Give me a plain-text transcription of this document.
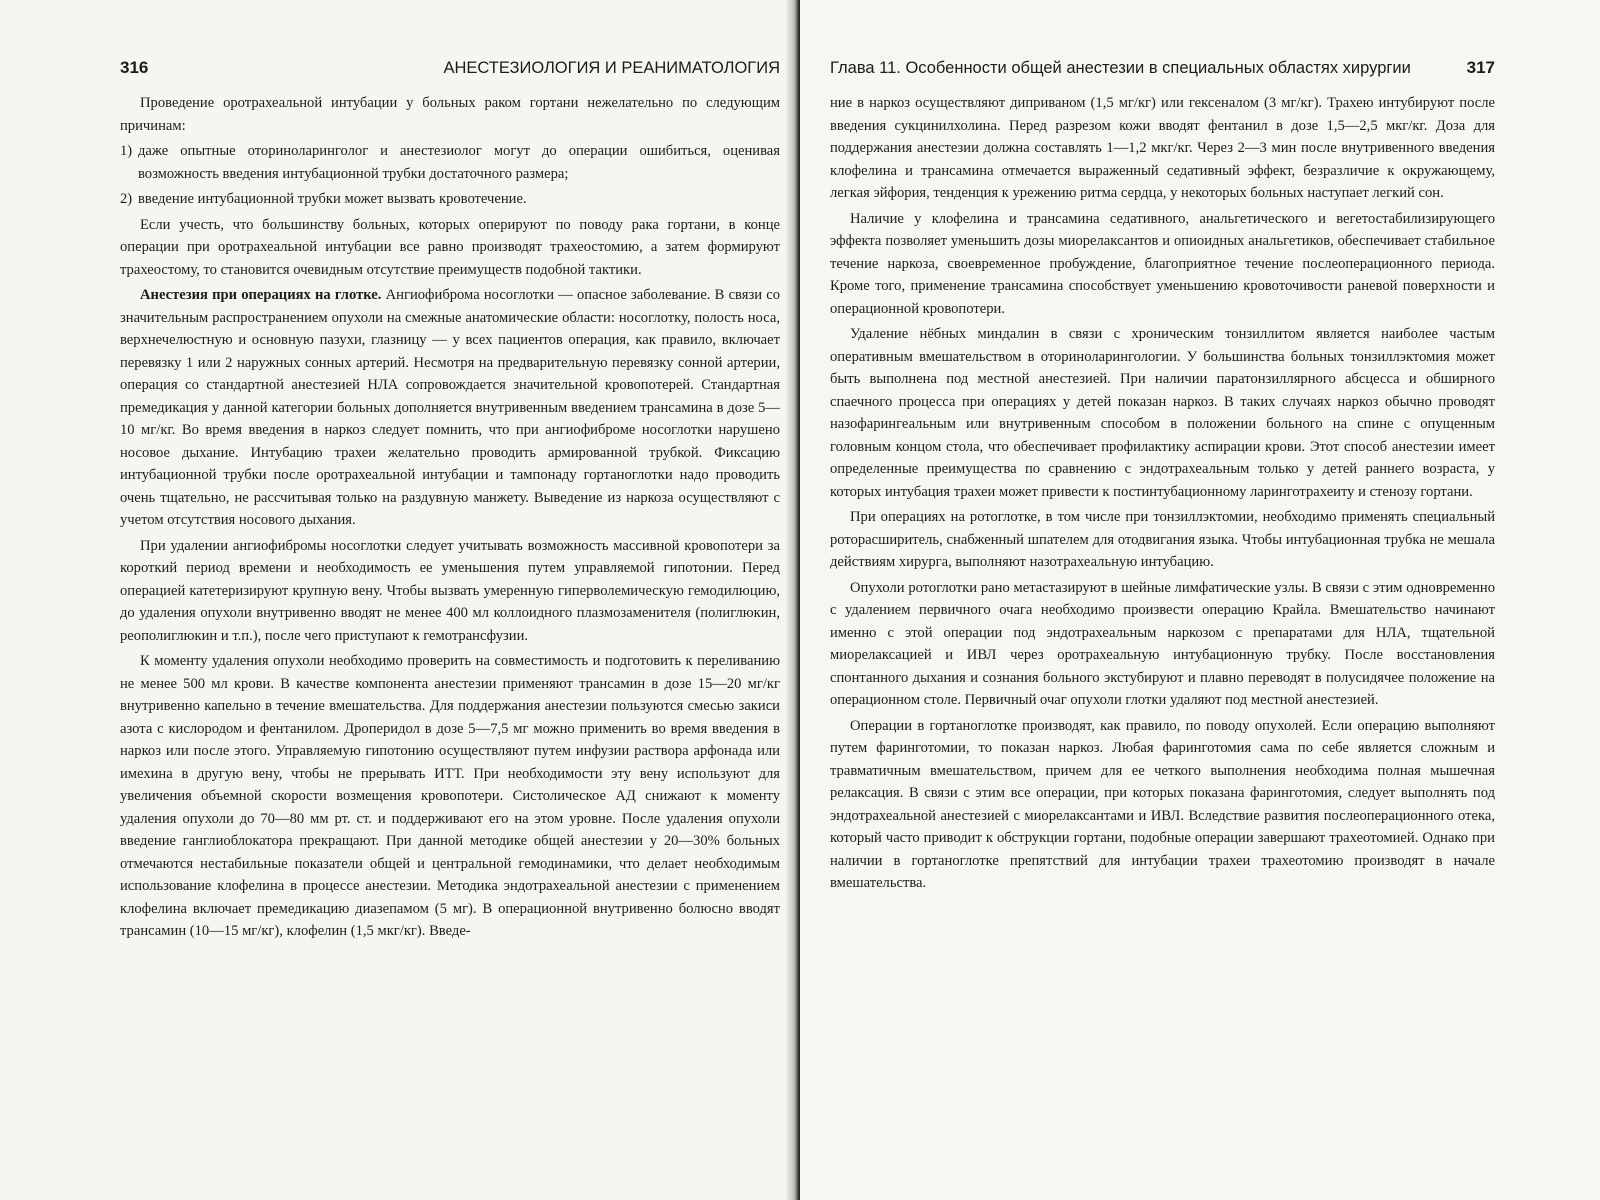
316	АНЕСТЕЗИОЛОГИЯ И РЕАНИМАТОЛОГИЯ

Проведение оротрахеальной интубации у больных раком гортани нежелательно по следующим причинам:

1) даже опытные оториноларинголог и анестезиолог могут до операции ошибиться, оценивая возможность введения интубационной трубки достаточного размера;

2) введение интубационной трубки может вызвать кровотечение.

Если учесть, что большинству больных, которых оперируют по поводу рака гортани, в конце операции при оротрахеальной интубации все равно производят трахеостомию, а затем формируют трахеостому, то становится очевидным отсутствие преимуществ подобной тактики.

Анестезия при операциях на глотке. Ангиофиброма носоглотки — опасное заболевание. В связи со значительным распространением опухоли на смежные анатомические области: носоглотку, полость носа, верхнечелюстную и основную пазухи, глазницу — у всех пациентов операция, как правило, включает перевязку 1 или 2 наружных сонных артерий. Несмотря на предварительную перевязку сонной артерии, операция со стандартной анестезией НЛА сопровождается значительной кровопотерей. Стандартная премедикация у данной категории больных дополняется внутривенным введением трансамина в дозе 5—10 мг/кг. Во время введения в наркоз следует помнить, что при ангиофиброме носоглотки нарушено носовое дыхание. Интубацию трахеи желательно проводить армированной трубкой. Фиксацию интубационной трубки после оротрахеальной интубации и тампонаду гортаноглотки надо проводить очень тщательно, не рассчитывая только на раздувную манжету. Выведение из наркоза осуществляют с учетом отсутствия носового дыхания.

При удалении ангиофибромы носоглотки следует учитывать возможность массивной кровопотери за короткий период времени и необходимость ее уменьшения путем управляемой гипотонии. Перед операцией катетеризируют крупную вену. Чтобы вызвать умеренную гиперволемическую гемодилюцию, до удаления опухоли внутривенно вводят не менее 400 мл коллоидного плазмозаменителя (полиглюкин, реополиглюкин и т.п.), после чего приступают к гемотрансфузии.

К моменту удаления опухоли необходимо проверить на совместимость и подготовить к переливанию не менее 500 мл крови. В качестве компонента анестезии применяют трансамин в дозе 15—20 мг/кг внутривенно капельно в течение вмешательства. Для поддержания анестезии пользуются смесью закиси азота с кислородом и фентанилом. Дроперидол в дозе 5—7,5 мг можно применить во время введения в наркоз или после этого. Управляемую гипотонию осуществляют путем инфузии раствора арфонада или имехина в другую вену, чтобы не прерывать ИТТ. При необходимости эту вену используют для увеличения объемной скорости возмещения кровопотери. Систолическое АД снижают к моменту удаления опухоли до 70—80 мм рт. ст. и поддерживают его на этом уровне. После удаления опухоли введение ганглиоблокатора прекращают. При данной методике общей анестезии у 20—30% больных отмечаются нестабильные показатели общей и центральной гемодинамики, что делает необходимым использование клофелина в процессе анестезии. Методика эндотрахеальной анестезии с применением клофелина включает премедикацию диазепамом (5 мг). В операционной внутривенно болюсно вводят трансамин (10—15 мг/кг), клофелин (1,5 мкг/кг). Введе-

Глава 11. Особенности общей анестезии в специальных областях хирургии	317

ние в наркоз осуществляют диприваном (1,5 мг/кг) или гексеналом (3 мг/кг). Трахею интубируют после введения сукцинилхолина. Перед разрезом кожи вводят фентанил в дозе 1,5—2,5 мкг/кг. Доза для поддержания анестезии должна составлять 1—1,2 мкг/кг. Через 2—3 мин после внутривенного введения клофелина и трансамина отмечается выраженный седативный эффект, безразличие к окружающему, легкая эйфория, тенденция к урежению ритма сердца, у некоторых больных наступает легкий сон.

Наличие у клофелина и трансамина седативного, анальгетического и вегетостабилизирующего эффекта позволяет уменьшить дозы миорелаксантов и опиоидных анальгетиков, обеспечивает стабильное течение наркоза, своевременное пробуждение, благоприятное течение послеоперационного периода. Кроме того, применение трансамина способствует уменьшению кровоточивости раневой поверхности и операционной кровопотери.

Удаление нёбных миндалин в связи с хроническим тонзиллитом является наиболее частым оперативным вмешательством в оториноларингологии. У большинства больных тонзиллэктомия может быть выполнена под местной анестезией. При наличии паратонзиллярного абсцесса и обширного спаечного процесса при операциях у детей показан наркоз. В таких случаях наркоз обычно проводят назофарингеальным или внутривенным способом в положении больного на спине с опущенным головным концом стола, что обеспечивает профилактику аспирации крови. Этот способ анестезии имеет определенные преимущества по сравнению с эндотрахеальным только у детей раннего возраста, у которых интубация трахеи может привести к постинтубационному ларинготрахеиту и стенозу гортани.

При операциях на ротоглотке, в том числе при тонзиллэктомии, необходимо применять специальный роторасширитель, снабженный шпателем для отодвигания языка. Чтобы интубационная трубка не мешала действиям хирурга, выполняют назотрахеальную интубацию.

Опухоли ротоглотки рано метастазируют в шейные лимфатические узлы. В связи с этим одновременно с удалением первичного очага необходимо произвести операцию Крайла. Вмешательство начинают именно с этой операции под эндотрахеальным наркозом с препаратами для НЛА, тщательной миорелаксацией и ИВЛ через оротрахеальную интубационную трубку. После восстановления спонтанного дыхания и сознания больного экстубируют и плавно переводят в полусидячее положение на операционном столе. Первичный очаг опухоли глотки удаляют под местной анестезией.

Операции в гортаноглотке производят, как правило, по поводу опухолей. Если операцию выполняют путем фаринготомии, то показан наркоз. Любая фаринготомия сама по себе является сложным и травматичным вмешательством, причем для ее четкого выполнения необходима полная мышечная релаксация. В связи с этим все операции, при которых показана фаринготомия, следует выполнять под эндотрахеальной анестезией с миорелаксантами и ИВЛ. Вследствие развития послеоперационного отека, который часто приводит к обструкции гортани, подобные операции завершают трахеотомией. Однако при наличии в гортаноглотке препятствий для интубации трахеи трахеотомию производят в начале вмешательства.
